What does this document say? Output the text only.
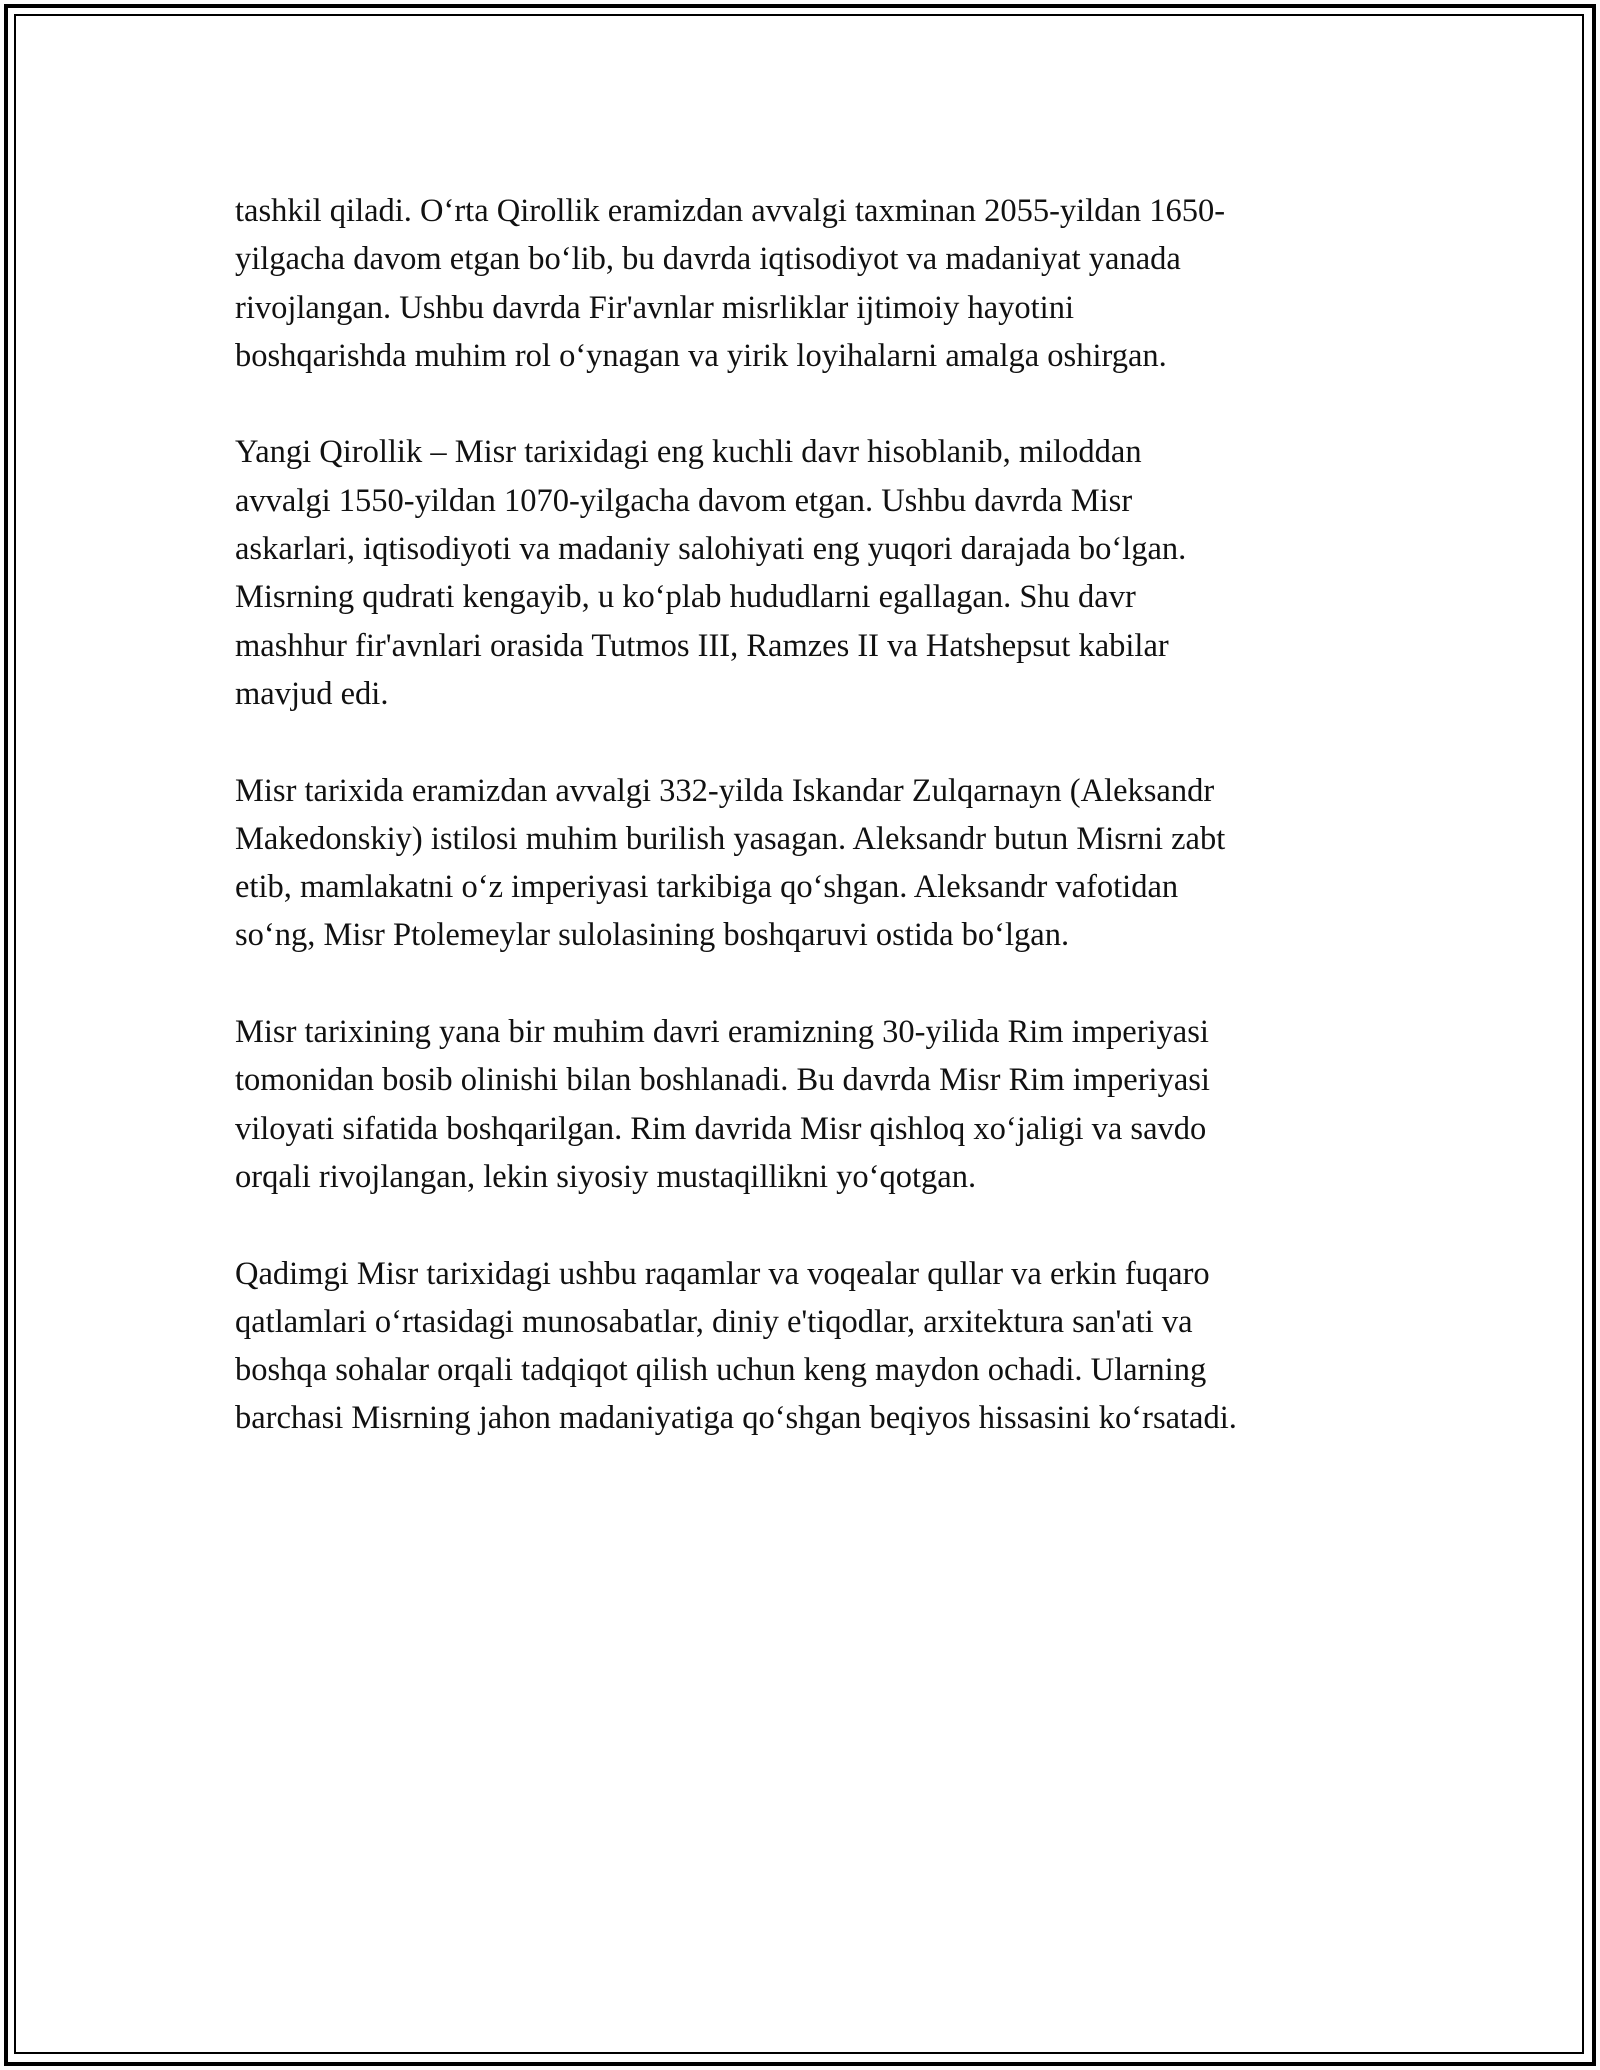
tashkil qiladi. O‘rta Qirollik eramizdan avvalgi taxminan 2055-yildan 1650-
yilgacha davom etgan bo‘lib, bu davrda iqtisodiyot va madaniyat yanada
rivojlangan. Ushbu davrda Fir'avnlar misrliklar ijtimoiy hayotini
boshqarishda muhim rol o‘ynagan va yirik loyihalarni amalga oshirgan.

Yangi Qirollik – Misr tarixidagi eng kuchli davr hisoblanib, miloddan
avvalgi 1550-yildan 1070-yilgacha davom etgan. Ushbu davrda Misr
askarlari, iqtisodiyoti va madaniy salohiyati eng yuqori darajada bo‘lgan.
Misrning qudrati kengayib, u ko‘plab hududlarni egallagan. Shu davr
mashhur fir'avnlari orasida Tutmos III, Ramzes II va Hatshepsut kabilar
mavjud edi.

Misr tarixida eramizdan avvalgi 332-yilda Iskandar Zulqarnayn (Aleksandr
Makedonskiy) istilosi muhim burilish yasagan. Aleksandr butun Misrni zabt
etib, mamlakatni o‘z imperiyasi tarkibiga qo‘shgan. Aleksandr vafotidan
so‘ng, Misr Ptolemeylar sulolasining boshqaruvi ostida bo‘lgan.

Misr tarixining yana bir muhim davri eramizning 30-yilida Rim imperiyasi
tomonidan bosib olinishi bilan boshlanadi. Bu davrda Misr Rim imperiyasi
viloyati sifatida boshqarilgan. Rim davrida Misr qishloq xo‘jaligi va savdo
orqali rivojlangan, lekin siyosiy mustaqillikni yo‘qotgan.

Qadimgi Misr tarixidagi ushbu raqamlar va voqealar qullar va erkin fuqaro
qatlamlari o‘rtasidagi munosabatlar, diniy e'tiqodlar, arxitektura san'ati va
boshqa sohalar orqali tadqiqot qilish uchun keng maydon ochadi. Ularning
barchasi Misrning jahon madaniyatiga qo‘shgan beqiyos hissasini ko‘rsatadi.
